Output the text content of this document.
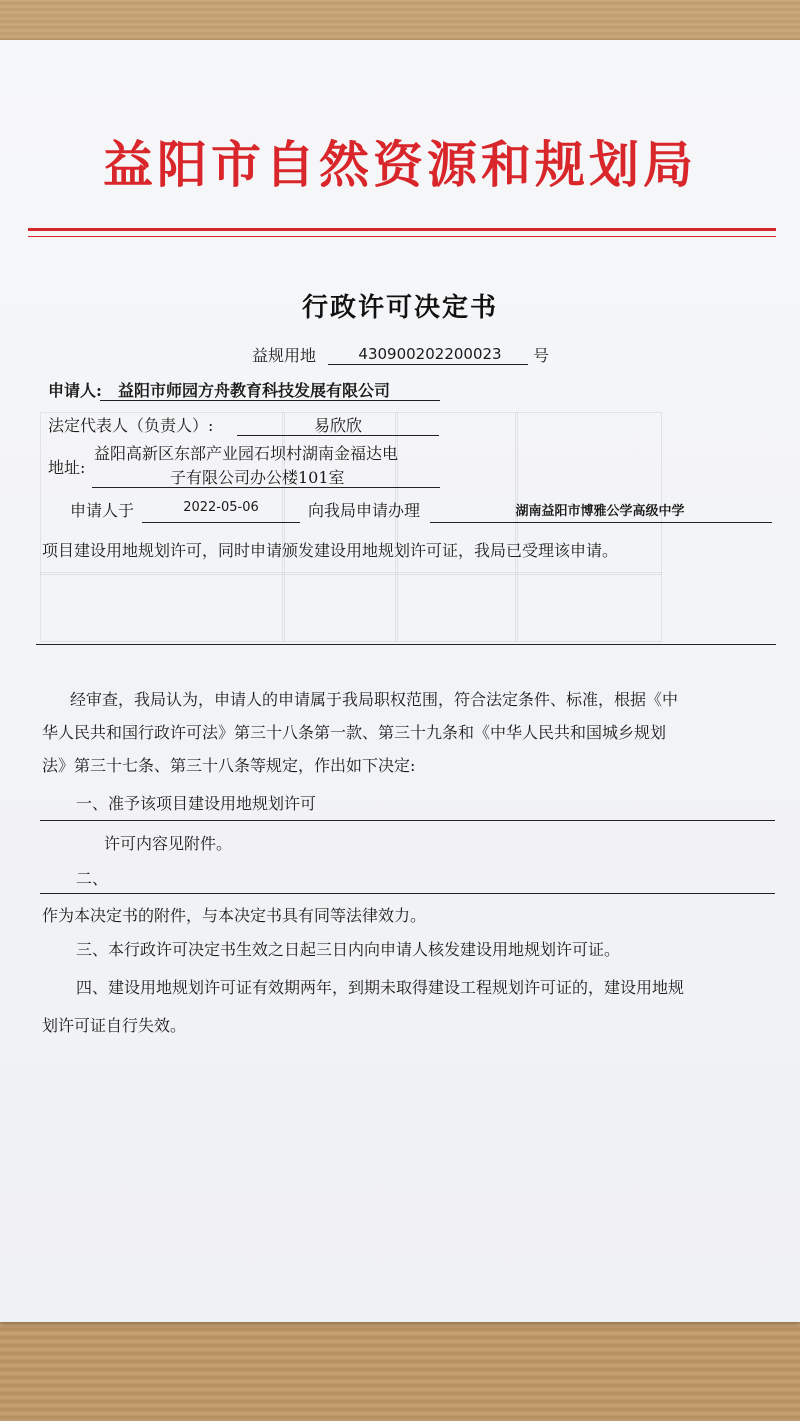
益阳市自然资源和规划局
行政许可决定书
益规用地	430900202200023	号
申请人: 益阳市师园方舟教育科技发展有限公司
法定代表人（负责人）:	易欣欣
地址:
益阳高新区东部产业园石坝村湖南金福达电
子有限公司办公楼101室
申请人于	2022-05-06	向我局申请办理	湖南益阳市博雅公学高级中学
项目建设用地规划许可，同时申请颁发建设用地规划许可证，我局已受理该申请。
经审查，我局认为，申请人的申请属于我局职权范围，符合法定条件、标准，根据《中
华人民共和国行政许可法》第三十八条第一款、第三十九条和《中华人民共和国城乡规划
法》第三十七条、第三十八条等规定，作出如下决定:
一、准予该项目建设用地规划许可
许可内容见附件。
二、
作为本决定书的附件，与本决定书具有同等法律效力。
三、本行政许可决定书生效之日起三日内向申请人核发建设用地规划许可证。
四、建设用地规划许可证有效期两年，到期未取得建设工程规划许可证的，建设用地规
划许可证自行失效。
